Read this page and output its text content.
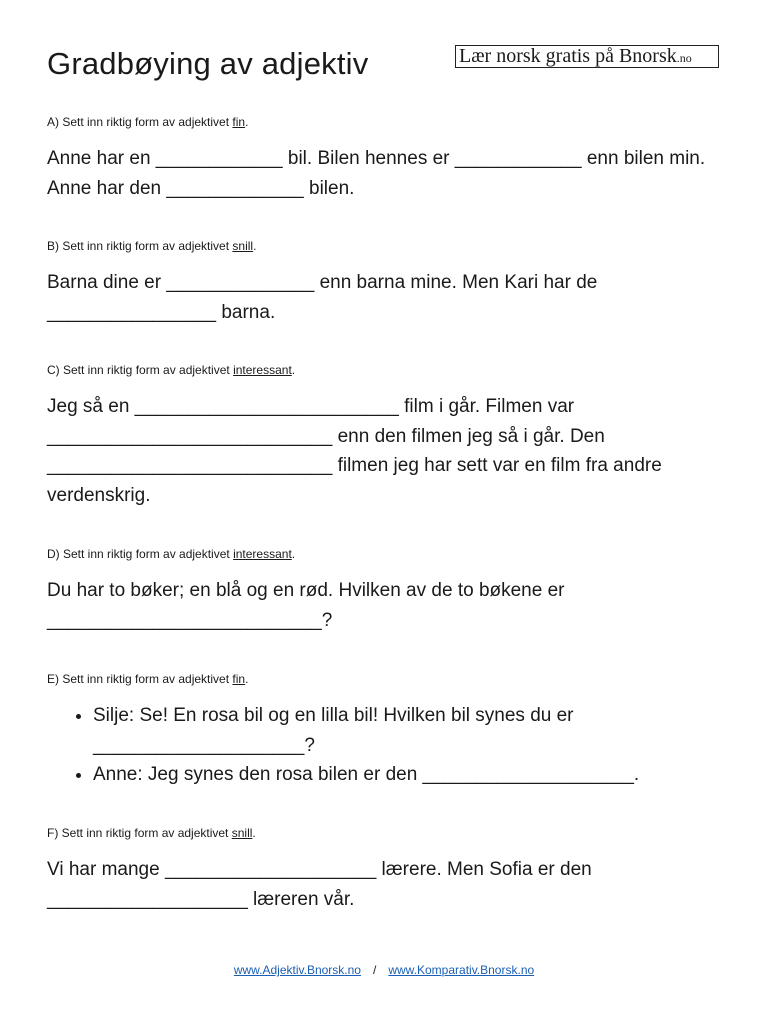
Gradbøying av adjektiv	Lær norsk gratis på Bnorsk.no

A) Sett inn riktig form av adjektivet fin.

Anne har en ____________ bil. Bilen hennes er ____________ enn bilen min. Anne har den _____________ bilen.

B) Sett inn riktig form av adjektivet snill.

Barna dine er ______________ enn barna mine. Men Kari har de ________________ barna.

C) Sett inn riktig form av adjektivet interessant.

Jeg så en _________________________ film i går. Filmen var ___________________________ enn den filmen jeg så i går. Den ___________________________ filmen jeg har sett var en film fra andre verdenskrig.

D) Sett inn riktig form av adjektivet interessant.

Du har to bøker; en blå og en rød. Hvilken av de to bøkene er __________________________?

E) Sett inn riktig form av adjektivet fin.

• Silje: Se! En rosa bil og en lilla bil! Hvilken bil synes du er ____________________?
• Anne: Jeg synes den rosa bilen er den ____________________.

F) Sett inn riktig form av adjektivet snill.

Vi har mange ____________________ lærere. Men Sofia er den ___________________ læreren vår.

www.Adjektiv.Bnorsk.no / www.Komparativ.Bnorsk.no
